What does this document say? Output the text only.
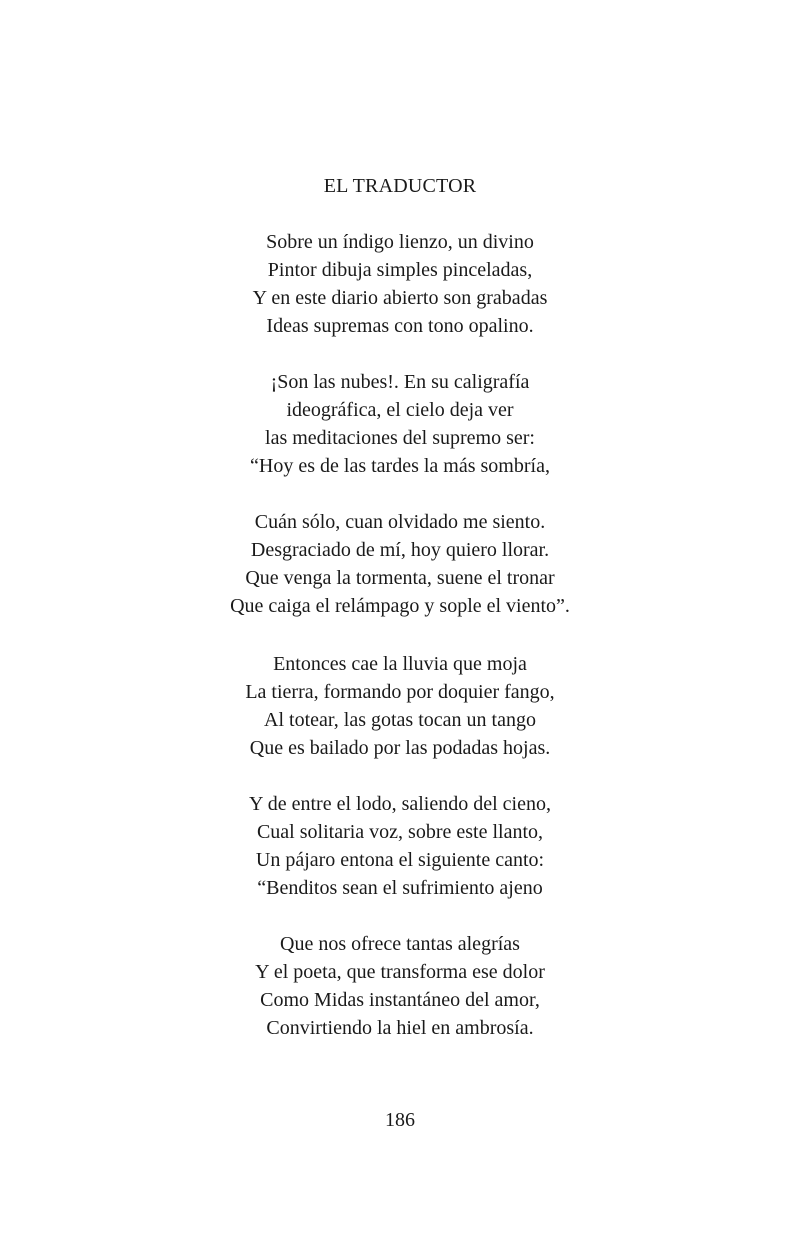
EL TRADUCTOR
Sobre un índigo lienzo, un divino
Pintor dibuja simples pinceladas,
Y en este diario abierto son grabadas
Ideas supremas con tono opalino.
¡Son las nubes!. En su caligrafía
ideográfica, el cielo deja ver
las meditaciones del supremo ser:
“Hoy es de las tardes la más sombría,
Cuán sólo, cuan olvidado me siento.
Desgraciado de mí, hoy quiero llorar.
Que venga la tormenta, suene el tronar
Que caiga el relámpago y sople el viento”.
Entonces cae la lluvia que moja
La tierra, formando por doquier fango,
Al totear, las gotas tocan un tango
Que es bailado por las podadas hojas.
Y de entre el lodo, saliendo del cieno,
Cual solitaria voz, sobre este llanto,
Un pájaro entona el siguiente canto:
“Benditos sean el sufrimiento ajeno
Que nos ofrece tantas alegrías
Y el poeta, que transforma ese dolor
Como Midas instantáneo del amor,
Convirtiendo la hiel en ambrosía.
186
